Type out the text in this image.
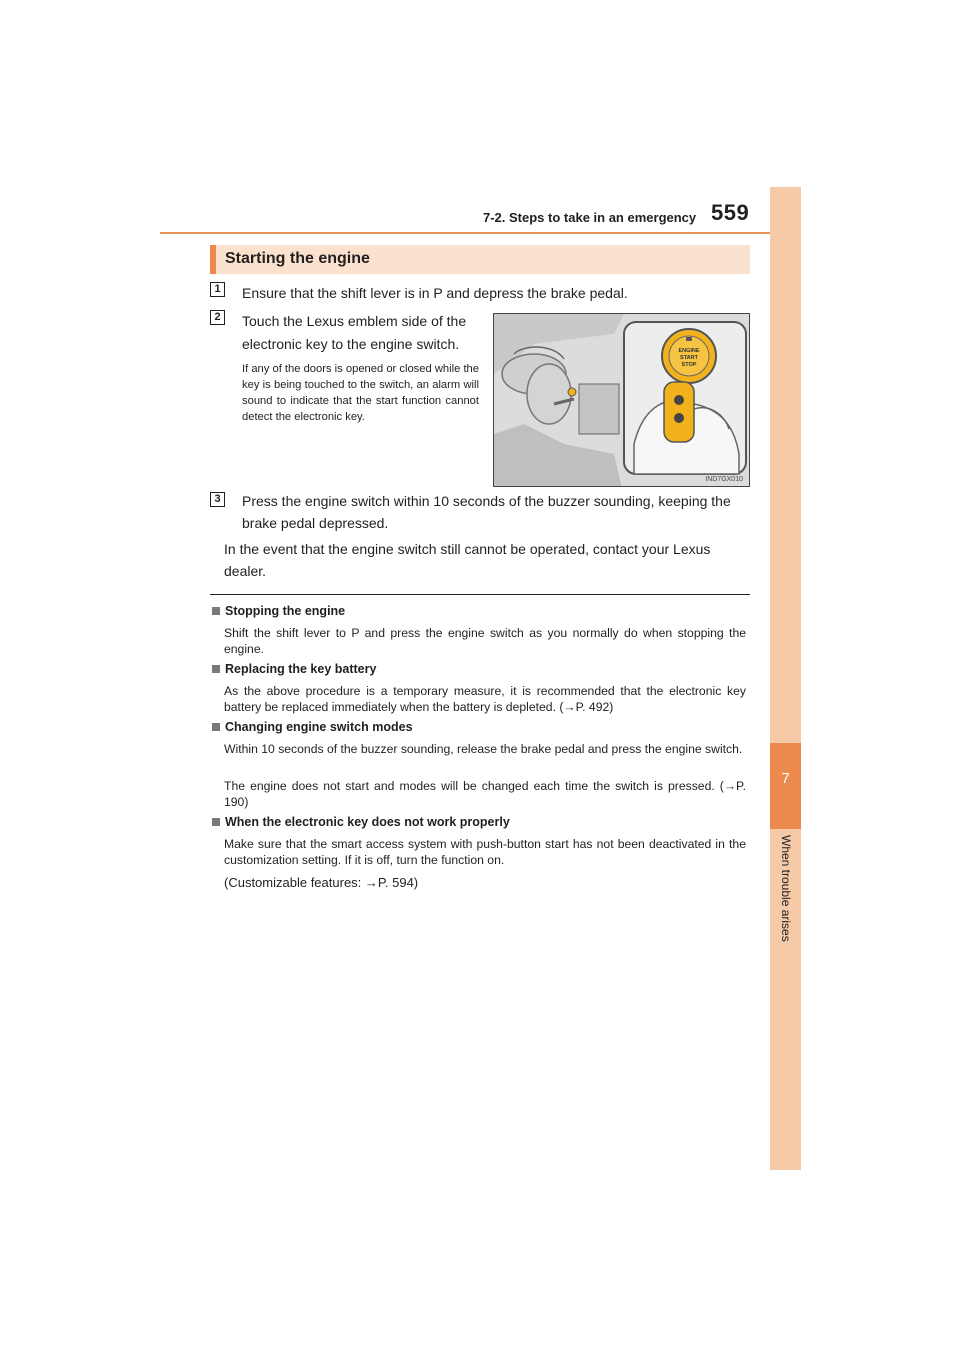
7-2. Steps to take in an emergency 559
7
When trouble arises
Starting the engine
1	Ensure that the shift lever is in P and depress the brake pedal.
2	Touch the Lexus emblem side of the
electronic key to the engine switch.
If any of the doors is opened or closed while the key is being touched to the switch, an alarm will sound to indicate that the start function cannot detect the electronic key.
ENGINE
START
STOP
IND7GX010
3	Press the engine switch within 10 seconds of the buzzer sounding, keeping the
brake pedal depressed.
In the event that the engine switch still cannot be operated, contact your Lexus
dealer.
Stopping the engine
Shift the shift lever to P and press the engine switch as you normally do when stopping the engine.
Replacing the key battery
As the above procedure is a temporary measure, it is recommended that the electronic key battery be replaced immediately when the battery is depleted. (→P. 492)
Changing engine switch modes
Within 10 seconds of the buzzer sounding, release the brake pedal and press the engine switch.
The engine does not start and modes will be changed each time the switch is pressed. (→P. 190)
When the electronic key does not work properly
Make sure that the smart access system with push-button start has not been deactivated in the customization setting. If it is off, turn the function on.
(Customizable features: →P. 594)
